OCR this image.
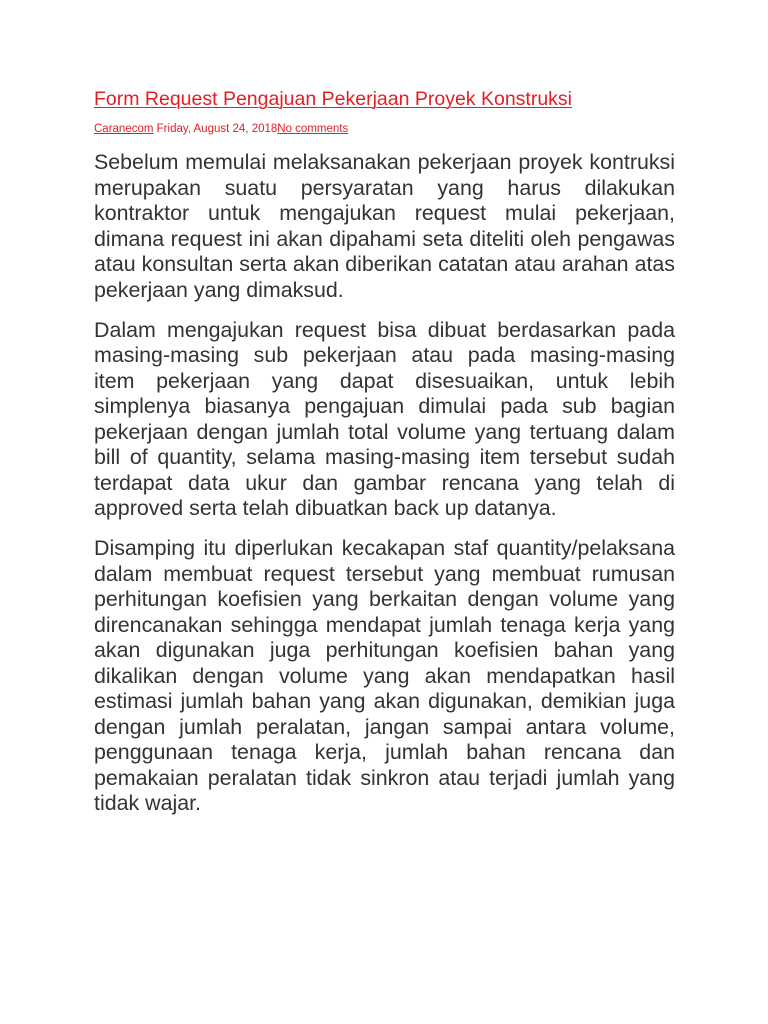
Form Request Pengajuan Pekerjaan Proyek Konstruksi
Caranecom Friday, August 24, 2018No comments

Sebelum memulai melaksanakan pekerjaan proyek kontruksi merupakan suatu persyaratan yang harus dilakukan kontraktor untuk mengajukan request mulai pekerjaan, dimana request ini akan dipahami seta diteliti oleh pengawas atau konsultan serta akan diberikan catatan atau arahan atas pekerjaan yang dimaksud.

Dalam mengajukan request bisa dibuat berdasarkan pada masing-masing sub pekerjaan atau pada masing-masing item pekerjaan yang dapat disesuaikan, untuk lebih simplenya biasanya pengajuan dimulai pada sub bagian pekerjaan dengan jumlah total volume yang tertuang dalam bill of quantity, selama masing-masing item tersebut sudah terdapat data ukur dan gambar rencana yang telah di approved serta telah dibuatkan back up datanya.

Disamping itu diperlukan kecakapan staf quantity/pelaksana dalam membuat request tersebut yang membuat rumusan perhitungan koefisien yang berkaitan dengan volume yang direncanakan sehingga mendapat jumlah tenaga kerja yang akan digunakan juga perhitungan koefisien bahan yang dikalikan dengan volume yang akan mendapatkan hasil estimasi jumlah bahan yang akan digunakan, demikian juga dengan jumlah peralatan, jangan sampai antara volume, penggunaan tenaga kerja, jumlah bahan rencana dan pemakaian peralatan tidak sinkron atau terjadi jumlah yang tidak wajar.
